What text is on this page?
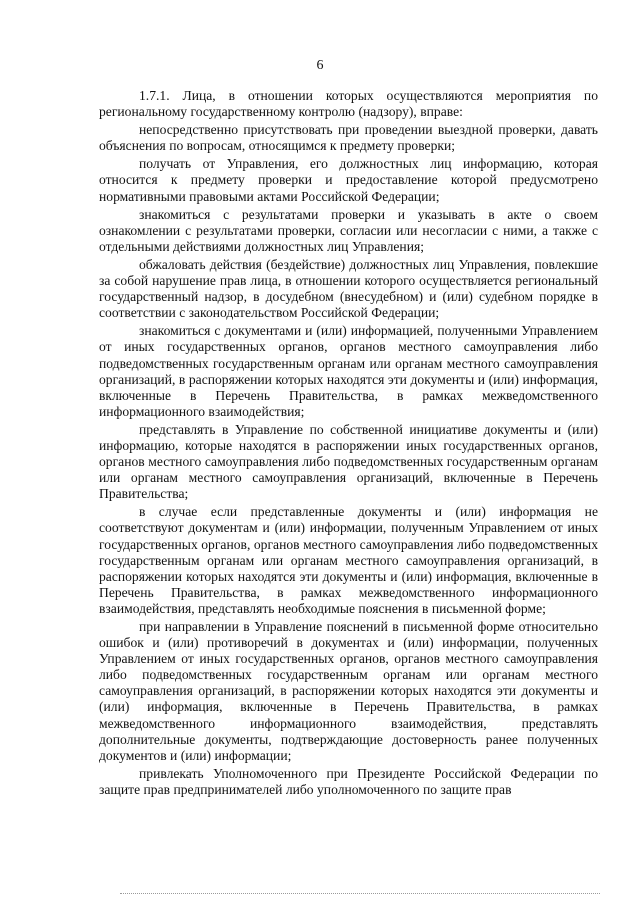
6

1.7.1. Лица, в отношении которых осуществляются мероприятия по региональному государственному контролю (надзору), вправе:

непосредственно присутствовать при проведении выездной проверки, давать объяснения по вопросам, относящимся к предмету проверки;

получать от Управления, его должностных лиц информацию, которая относится к предмету проверки и предоставление которой предусмотрено нормативными правовыми актами Российской Федерации;

знакомиться с результатами проверки и указывать в акте о своем ознакомлении с результатами проверки, согласии или несогласии с ними, а также с отдельными действиями должностных лиц Управления;

обжаловать действия (бездействие) должностных лиц Управления, повлекшие за собой нарушение прав лица, в отношении которого осуществляется региональный государственный надзор, в досудебном (внесудебном) и (или) судебном порядке в соответствии с законодательством Российской Федерации;

знакомиться с документами и (или) информацией, полученными Управлением от иных государственных органов, органов местного самоуправления либо подведомственных государственным органам или органам местного самоуправления организаций, в распоряжении которых находятся эти документы и (или) информация, включенные в Перечень Правительства, в рамках межведомственного информационного взаимодействия;

представлять в Управление по собственной инициативе документы и (или) информацию, которые находятся в распоряжении иных государственных органов, органов местного самоуправления либо подведомственных государственным органам или органам местного самоуправления организаций, включенные в Перечень Правительства;

в случае если представленные документы и (или) информация не соответствуют документам и (или) информации, полученным Управлением от иных государственных органов, органов местного самоуправления либо подведомственных государственным органам или органам местного самоуправления организаций, в распоряжении которых находятся эти документы и (или) информация, включенные в Перечень Правительства, в рамках межведомственного информационного взаимодействия, представлять необходимые пояснения в письменной форме;

при направлении в Управление пояснений в письменной форме относительно ошибок и (или) противоречий в документах и (или) информации, полученных Управлением от иных государственных органов, органов местного самоуправления либо подведомственных государственным органам или органам местного самоуправления организаций, в распоряжении которых находятся эти документы и (или) информация, включенные в Перечень Правительства, в рамках межведомственного информационного взаимодействия, представлять дополнительные документы, подтверждающие достоверность ранее полученных документов и (или) информации;

привлекать Уполномоченного при Президенте Российской Федерации по защите прав предпринимателей либо уполномоченного по защите прав
